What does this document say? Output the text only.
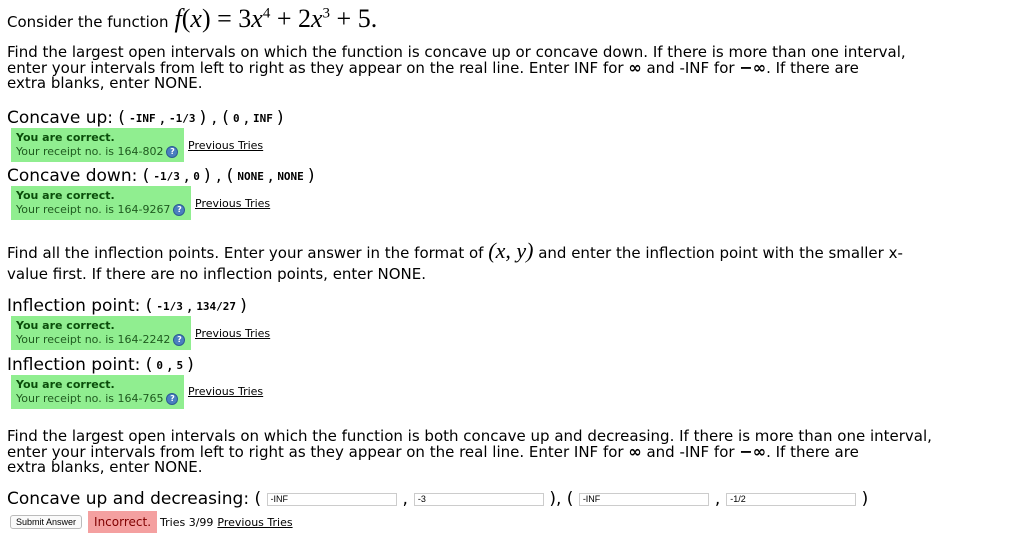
Consider the function $f(x) = 3x^4 + 2x^3 + 5$.
Find the largest open intervals on which the function is concave up or concave down. If there is more than one interval,
enter your intervals from left to right as they appear on the real line. Enter INF for ∞ and -INF for −∞. If there are
extra blanks, enter NONE.
Concave up: ( -INF , -1/3 ) , ( 0 , INF )
You are correct.
Your receipt no. is 164-802 ?	Previous Tries
Concave down: ( -1/3 , 0 ) , ( NONE , NONE )
You are correct.
Your receipt no. is 164-9267 ?	Previous Tries
Find all the inflection points. Enter your answer in the format of (x, y) and enter the inflection point with the smaller x-
value first. If there are no inflection points, enter NONE.
Inflection point: ( -1/3 , 134/27 )
You are correct.
Your receipt no. is 164-2242 ?	Previous Tries
Inflection point: ( 0 , 5 )
You are correct.
Your receipt no. is 164-765 ?
Previous Tries
Find the largest open intervals on which the function is both concave up and decreasing. If there is more than one interval,
enter your intervals from left to right as they appear on the real line. Enter INF for ∞ and -INF for −∞. If there are
extra blanks, enter NONE.
Concave up and decreasing: (
-INF	,
-3	), (
-INF	,
-1/2	)
Submit Answer	Incorrect. Tries 3/99 Previous Tries
